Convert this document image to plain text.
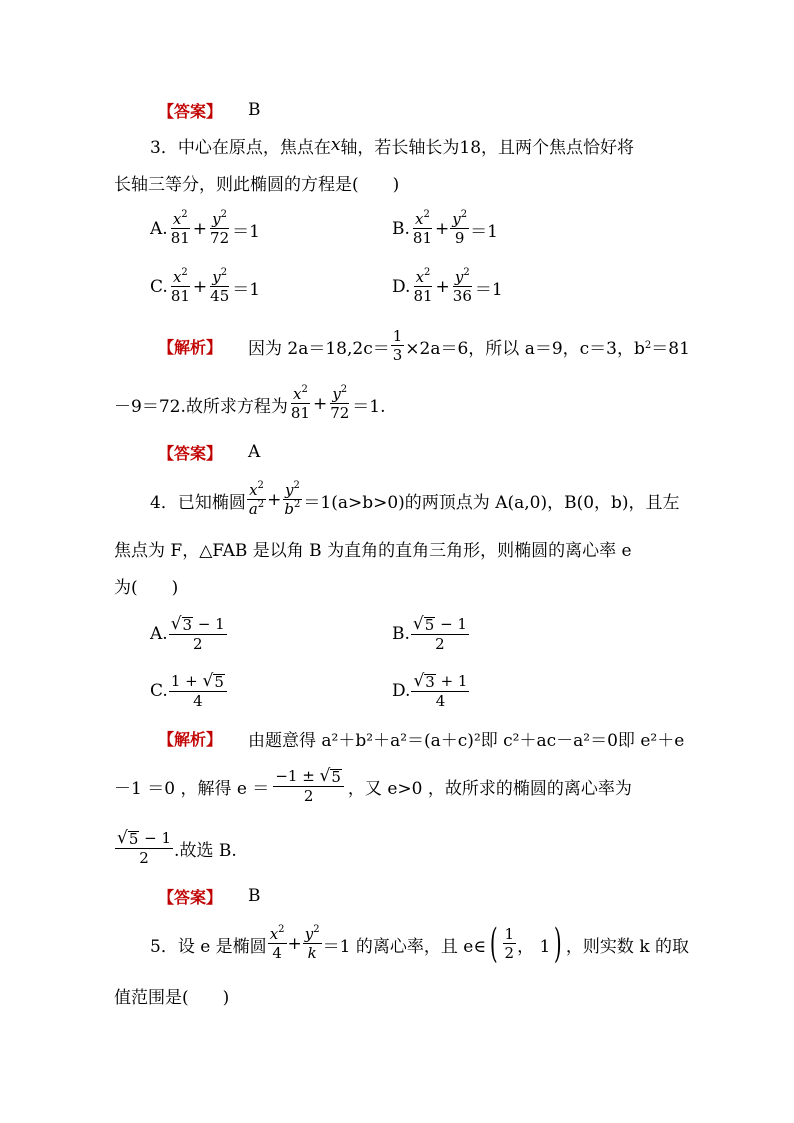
【答案】 B
3．中心在原点，焦点在 x 轴，若长轴长为18，且两个焦点恰好将
长轴三等分，则此椭圆的方程是(　　)
A. $\frac{x^2}{81} + \frac{y^2}{72} =1$	B. $\frac{x^2}{81} + \frac{y^2}{9} =1$
C. $\frac{x^2}{81} + \frac{y^2}{45} =1$	D. $\frac{x^2}{81} + \frac{y^2}{36} =1$
【解析】 因为 $2a=18,2c= \frac{1}{3} \times 2a=6$，所以 a＝9，c＝3，b 2 ＝81
－9＝72.故所求方程为 $\frac{x^2}{81} + \frac{y^2}{72} =1$.
【答案】 A
4．已知椭圆 $\frac{x^2}{a^2} + \frac{y^2}{b^2} =1(a>b>0)$的两顶点为 A(a,0)，B(0，b)，且左
焦点为 F，△FAB 是以角 B 为直角的直角三角形，则椭圆的离心率 e
为(　　)
A. $\frac{√ 3 - 1}{2}$	B. $\frac{√ 5 - 1}{2}$
C. $\frac{1 + √ 5}{4}$	D. $\frac{√ 3 + 1}{4}$
【解析】 由题意得 a²＋b²＋a²＝(a＋c)²即 c²＋ac－a²＝0即 e²＋e
－1 ＝0 ，解得 $e = \frac{-1 \pm √ 5}{2}$ ，又 e>0 ，故所求的椭圆的离心率为
$\frac{√ 5 - 1}{2}$ .故选 B.
【答案】 B
5．设 e 是椭圆 $\frac{x^2}{4} + \frac{y^2}{k} =1$ 的离心率，且 e∈ ( $\frac{1}{2}$ ， 1 ) ，则实数 k 的取
值范围是(　　)
